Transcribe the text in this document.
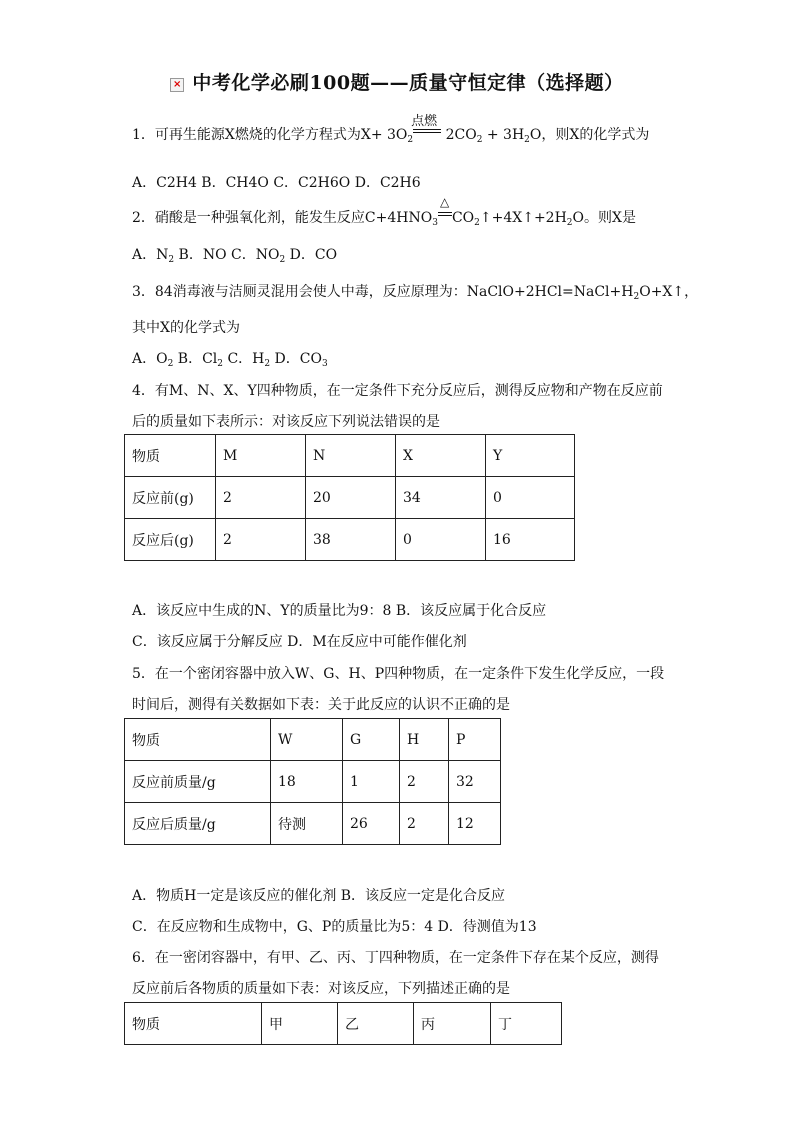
× 中考化学必刷100题——质量守恒定律（选择题）
1．可再生能源X燃烧的化学方程式为$X+ 3O_2$
点燃
$2CO_2 + 3H_2O$，则X的化学式为
A．C2H4 B．CH4O C．C2H6O D．C2H6
2．硝酸是一种强氧化剂，能发生反应$C+4HNO_3$
△
$CO_2↑+4X↑+2H_2O$。则X是
A．$N_2$ B．NO C．$NO_2$ D．CO
3．84消毒液与洁厕灵混用会使人中毒，反应原理为：$NaClO+2HCl=NaCl+H_2O+X↑$，
其中X的化学式为
A．$O_2$ B．$Cl_2$ C．$H_2$ D．$CO_3$
4．有M、N、X、Y四种物质，在一定条件下充分反应后，测得反应物和产物在反应前
后的质量如下表所示：对该反应下列说法错误的是
物质	M	N	X	Y
反应前(g)	2	20	34	0
反应后(g)	2	38	0	16
A．该反应中生成的N、Y的质量比为9：8 B．该反应属于化合反应
C．该反应属于分解反应 D．M在反应中可能作催化剂
5．在一个密闭容器中放入W、G、H、P四种物质，在一定条件下发生化学反应，一段
时间后，测得有关数据如下表：关于此反应的认识不正确的是
物质	W	G	H	P
反应前质量/g	18	1	2	32
反应后质量/g	待测	26	2	12
A．物质H一定是该反应的催化剂 B．该反应一定是化合反应
C．在反应物和生成物中，G、P的质量比为5：4 D．待测值为13
6．在一密闭容器中，有甲、乙、丙、丁四种物质，在一定条件下存在某个反应，测得
反应前后各物质的质量如下表：对该反应，下列描述正确的是
物质	甲	乙	丙	丁
